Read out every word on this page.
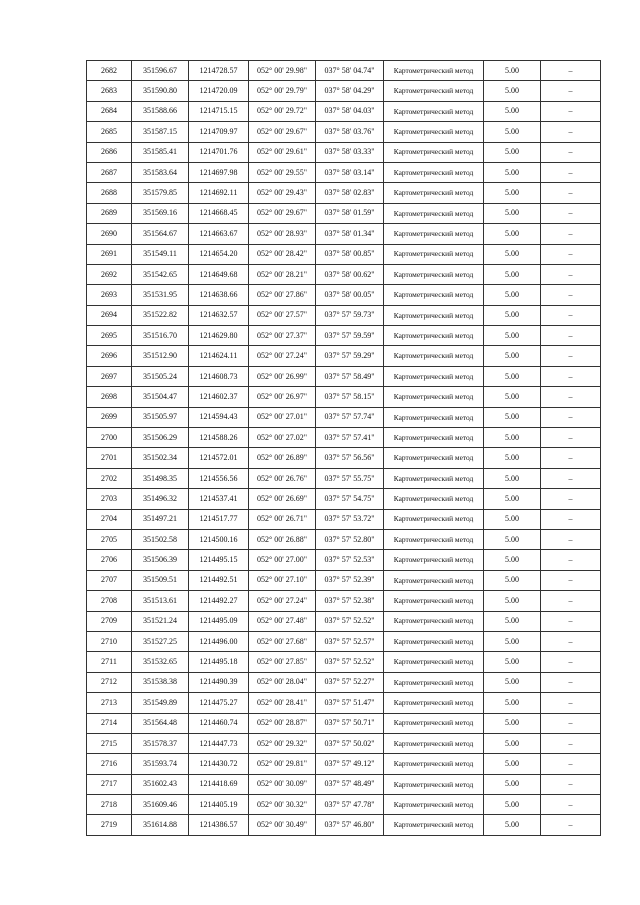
2682	351596.67	1214728.57	052° 00' 29.98"	037° 58' 04.74"	Картометрический метод	5.00	–
2683	351590.80	1214720.09	052° 00' 29.79"	037° 58' 04.29"	Картометрический метод	5.00	–
2684	351588.66	1214715.15	052° 00' 29.72"	037° 58' 04.03"	Картометрический метод	5.00	–
2685	351587.15	1214709.97	052° 00' 29.67"	037° 58' 03.76"	Картометрический метод	5.00	–
2686	351585.41	1214701.76	052° 00' 29.61"	037° 58' 03.33"	Картометрический метод	5.00	–
2687	351583.64	1214697.98	052° 00' 29.55"	037° 58' 03.14"	Картометрический метод	5.00	–
2688	351579.85	1214692.11	052° 00' 29.43"	037° 58' 02.83"	Картометрический метод	5.00	–
2689	351569.16	1214668.45	052° 00' 29.67"	037° 58' 01.59"	Картометрический метод	5.00	–
2690	351564.67	1214663.67	052° 00' 28.93"	037° 58' 01.34"	Картометрический метод	5.00	–
2691	351549.11	1214654.20	052° 00' 28.42"	037° 58' 00.85"	Картометрический метод	5.00	–
2692	351542.65	1214649.68	052° 00' 28.21"	037° 58' 00.62"	Картометрический метод	5.00	–
2693	351531.95	1214638.66	052° 00' 27.86"	037° 58' 00.05"	Картометрический метод	5.00	–
2694	351522.82	1214632.57	052° 00' 27.57"	037° 57' 59.73"	Картометрический метод	5.00	–
2695	351516.70	1214629.80	052° 00' 27.37"	037° 57' 59.59"	Картометрический метод	5.00	–
2696	351512.90	1214624.11	052° 00' 27.24"	037° 57' 59.29"	Картометрический метод	5.00	–
2697	351505.24	1214608.73	052° 00' 26.99"	037° 57' 58.49"	Картометрический метод	5.00	–
2698	351504.47	1214602.37	052° 00' 26.97"	037° 57' 58.15"	Картометрический метод	5.00	–
2699	351505.97	1214594.43	052° 00' 27.01"	037° 57' 57.74"	Картометрический метод	5.00	–
2700	351506.29	1214588.26	052° 00' 27.02"	037° 57' 57.41"	Картометрический метод	5.00	–
2701	351502.34	1214572.01	052° 00' 26.89"	037° 57' 56.56"	Картометрический метод	5.00	–
2702	351498.35	1214556.56	052° 00' 26.76"	037° 57' 55.75"	Картометрический метод	5.00	–
2703	351496.32	1214537.41	052° 00' 26.69"	037° 57' 54.75"	Картометрический метод	5.00	–
2704	351497.21	1214517.77	052° 00' 26.71"	037° 57' 53.72"	Картометрический метод	5.00	–
2705	351502.58	1214500.16	052° 00' 26.88"	037° 57' 52.80"	Картометрический метод	5.00	–
2706	351506.39	1214495.15	052° 00' 27.00"	037° 57' 52.53"	Картометрический метод	5.00	–
2707	351509.51	1214492.51	052° 00' 27.10"	037° 57' 52.39"	Картометрический метод	5.00	–
2708	351513.61	1214492.27	052° 00' 27.24"	037° 57' 52.38"	Картометрический метод	5.00	–
2709	351521.24	1214495.09	052° 00' 27.48"	037° 57' 52.52"	Картометрический метод	5.00	–
2710	351527.25	1214496.00	052° 00' 27.68"	037° 57' 52.57"	Картометрический метод	5.00	–
2711	351532.65	1214495.18	052° 00' 27.85"	037° 57' 52.52"	Картометрический метод	5.00	–
2712	351538.38	1214490.39	052° 00' 28.04"	037° 57' 52.27"	Картометрический метод	5.00	–
2713	351549.89	1214475.27	052° 00' 28.41"	037° 57' 51.47"	Картометрический метод	5.00	–
2714	351564.48	1214460.74	052° 00' 28.87"	037° 57' 50.71"	Картометрический метод	5.00	–
2715	351578.37	1214447.73	052° 00' 29.32"	037° 57' 50.02"	Картометрический метод	5.00	–
2716	351593.74	1214430.72	052° 00' 29.81"	037° 57' 49.12"	Картометрический метод	5.00	–
2717	351602.43	1214418.69	052° 00' 30.09"	037° 57' 48.49"	Картометрический метод	5.00	–
2718	351609.46	1214405.19	052° 00' 30.32"	037° 57' 47.78"	Картометрический метод	5.00	–
2719	351614.88	1214386.57	052° 00' 30.49"	037° 57' 46.80"	Картометрический метод	5.00	–
